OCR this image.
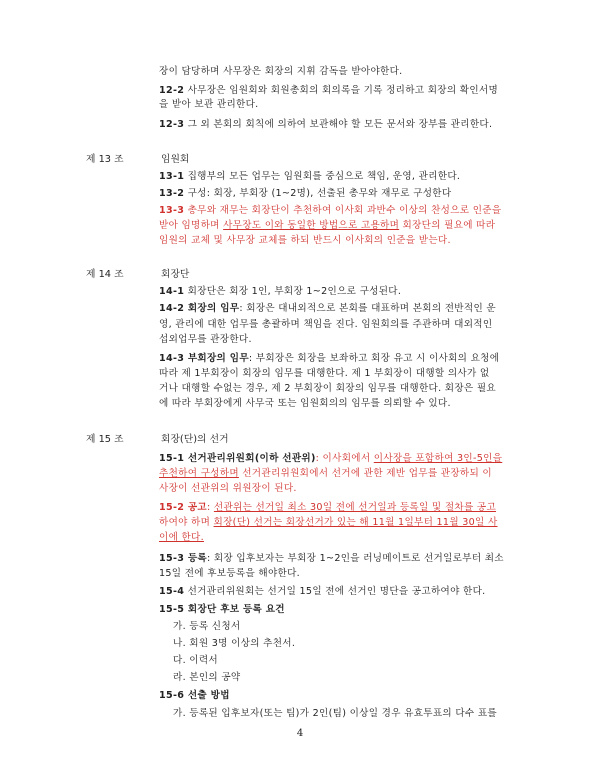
장이 담당하며 사무장은 회장의 지휘 감독을 받아야한다.
12-2 사무장은 임원회와 회원총회의 회의록을 기록 정리하고 회장의 확인서명
을 받아 보관 관리한다.
12-3 그 외 본회의 회칙에 의하여 보관해야 할 모든 문서와 장부를 관리한다.
제 13 조	임원회
13-1 집행부의 모든 업무는 임원회를 중심으로 책임, 운영, 관리한다.
13-2 구성: 회장, 부회장 (1~2명), 선출된 총무와 재무로 구성한다
13-3 총무와 재무는 회장단이 추천하여 이사회 과반수 이상의 찬성으로 인준을
받아 임명하며 사무장도 이와 동일한 방법으로 고용하며 회장단의 필요에 따라
임원의 교체 및 사무장 교체를 하되 반드시 이사회의 인준을 받는다.
제 14 조	회장단
14-1 회장단은 회장 1인, 부회장 1~2인으로 구성된다.
14-2 회장의 임무: 회장은 대내외적으로 본회를 대표하며 본회의 전반적인 운
영, 관리에 대한 업무를 총괄하며 책임을 진다. 임원회의를 주관하며 대외적인
섭외업무를 관장한다.
14-3 부회장의 임무: 부회장은 회장을 보좌하고 회장 유고 시 이사회의 요청에
따라 제 1부회장이 회장의 임무를 대행한다. 제 1 부회장이 대행할 의사가 없
거나 대행할 수없는 경우, 제 2 부회장이 회장의 임무를 대행한다. 회장은 필요
에 따라 부회장에게 사무국 또는 임원회의의 임무를 의뢰할 수 있다.
제 15 조	회장(단)의 선거
15-1 선거관리위원회(이하 선관위): 이사회에서 이사장을 포함하여 3인-5인을
추천하여 구성하며 선거관리위원회에서 선거에 관한 제반 업무를 관장하되 이
사장이 선관위의 위원장이 된다.
15-2 공고: 선관위는 선거일 최소 30일 전에 선거일과 등록일 및 절차를 공고
하여야 하며 회장(단) 선거는 회장선거가 있는 해 11월 1일부터 11월 30일 사
이에 한다.
15-3 등록: 회장 입후보자는 부회장 1~2인을 러닝메이트로 선거일로부터 최소
15일 전에 후보등록을 해야한다.
15-4 선거관리위원회는 선거일 15일 전에 선거인 명단을 공고하여야 한다.
15-5 회장단 후보 등록 요건
가. 등록 신청서
나. 회원 3명 이상의 추천서.
다. 이력서
라. 본인의 공약
15-6 선출 방법
가. 등록된 입후보자(또는 팀)가 2인(팀) 이상일 경우 유효투표의 다수 표를
4
